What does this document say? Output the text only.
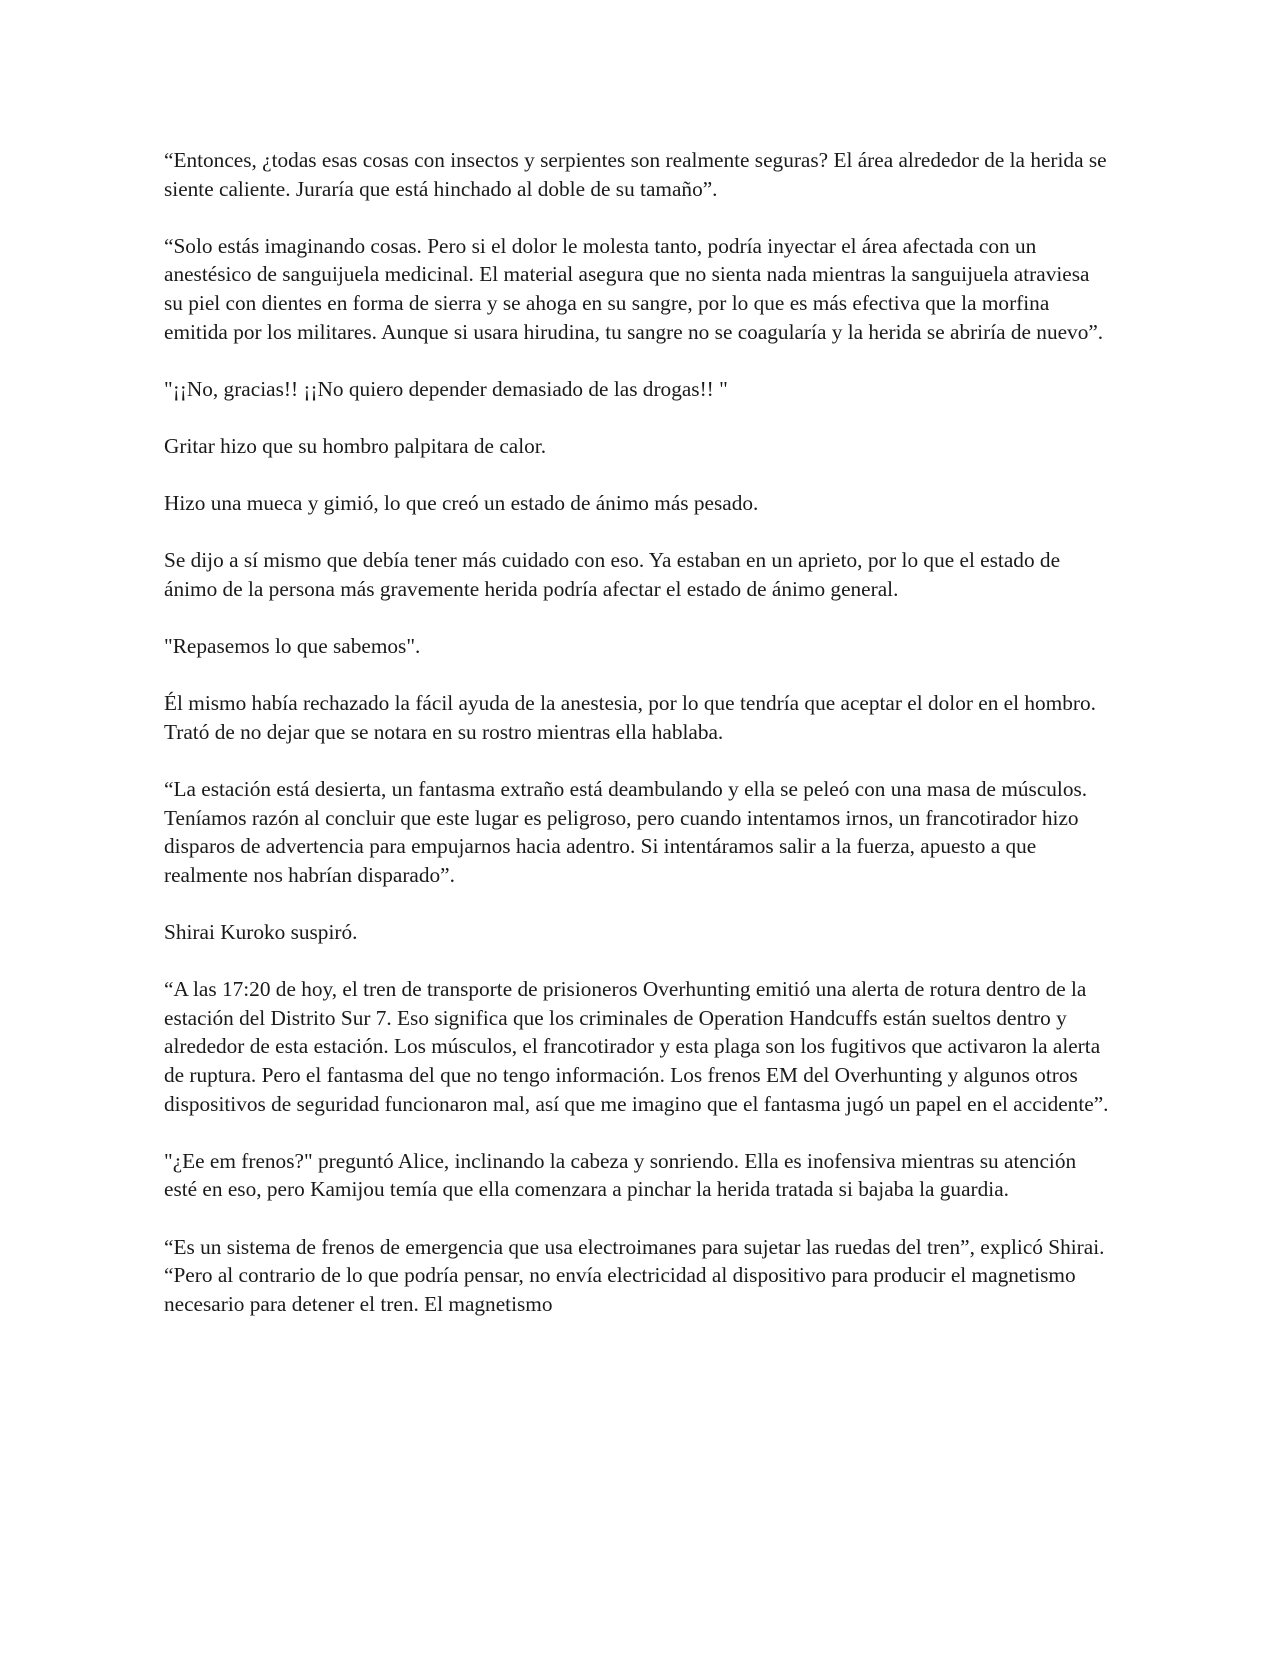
“Entonces, ¿todas esas cosas con insectos y serpientes son realmente seguras? El área alrededor de la herida se siente caliente. Juraría que está hinchado al doble de su tamaño”.

“Solo estás imaginando cosas. Pero si el dolor le molesta tanto, podría inyectar el área afectada con un anestésico de sanguijuela medicinal. El material asegura que no sienta nada mientras la sanguijuela atraviesa su piel con dientes en forma de sierra y se ahoga en su sangre, por lo que es más efectiva que la morfina emitida por los militares. Aunque si usara hirudina, tu sangre no se coagularía y la herida se abriría de nuevo”.

"¡¡No, gracias!! ¡¡No quiero depender demasiado de las drogas!! "

Gritar hizo que su hombro palpitara de calor.

Hizo una mueca y gimió, lo que creó un estado de ánimo más pesado.

Se dijo a sí mismo que debía tener más cuidado con eso. Ya estaban en un aprieto, por lo que el estado de ánimo de la persona más gravemente herida podría afectar el estado de ánimo general.

"Repasemos lo que sabemos".

Él mismo había rechazado la fácil ayuda de la anestesia, por lo que tendría que aceptar el dolor en el hombro. Trató de no dejar que se notara en su rostro mientras ella hablaba.

“La estación está desierta, un fantasma extraño está deambulando y ella se peleó con una masa de músculos. Teníamos razón al concluir que este lugar es peligroso, pero cuando intentamos irnos, un francotirador hizo disparos de advertencia para empujarnos hacia adentro. Si intentáramos salir a la fuerza, apuesto a que realmente nos habrían disparado”.

Shirai Kuroko suspiró.

“A las 17:20 de hoy, el tren de transporte de prisioneros Overhunting emitió una alerta de rotura dentro de la estación del Distrito Sur 7. Eso significa que los criminales de Operation Handcuffs están sueltos dentro y alrededor de esta estación. Los músculos, el francotirador y esta plaga son los fugitivos que activaron la alerta de ruptura. Pero el fantasma del que no tengo información. Los frenos EM del Overhunting y algunos otros dispositivos de seguridad funcionaron mal, así que me imagino que el fantasma jugó un papel en el accidente”.

"¿Ee em frenos?" preguntó Alice, inclinando la cabeza y sonriendo. Ella es inofensiva mientras su atención esté en eso, pero Kamijou temía que ella comenzara a pinchar la herida tratada si bajaba la guardia.

“Es un sistema de frenos de emergencia que usa electroimanes para sujetar las ruedas del tren”, explicó Shirai. “Pero al contrario de lo que podría pensar, no envía electricidad al dispositivo para producir el magnetismo necesario para detener el tren. El magnetismo
